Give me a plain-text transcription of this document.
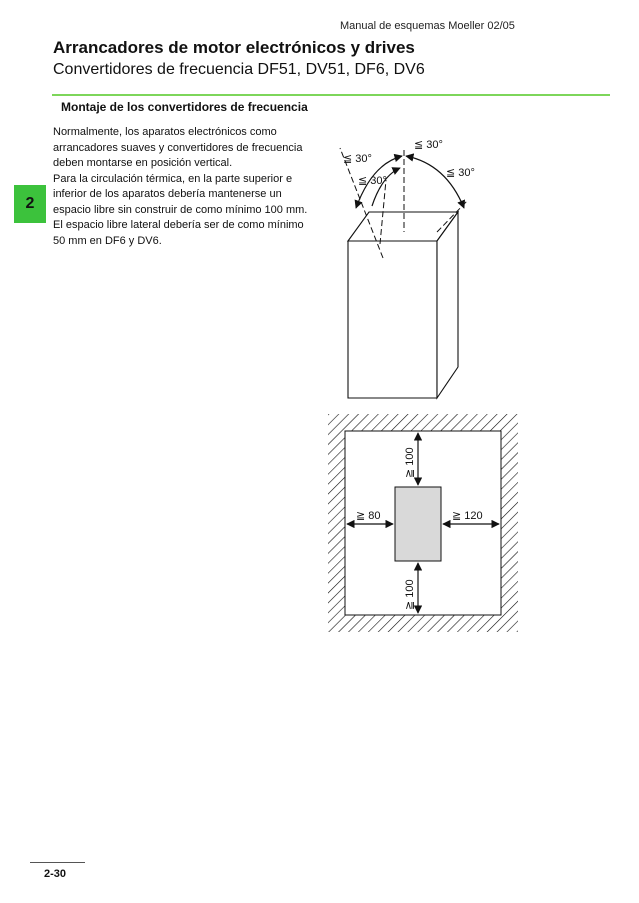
Manual de esquemas Moeller 02/05
Arrancadores de motor electrónicos y drives
Convertidores de frecuencia DF51, DV51, DF6, DV6
Montaje de los convertidores de frecuencia

Normalmente, los aparatos electrónicos como arrancadores suaves y convertidores de frecuencia deben montarse en posición vertical.

Para la circulación térmica, en la parte superior e inferior de los aparatos debería mantenerse un espacio libre sin construir de como mínimo 100 mm. El espacio libre lateral debería ser de como mínimo 50 mm en DF6 y DV6.

2
≦ 30°
≦ 30°
≦ 30°
≦ 30°
≧ 100
≧ 100
≧ 80	≧ 120
2-30
